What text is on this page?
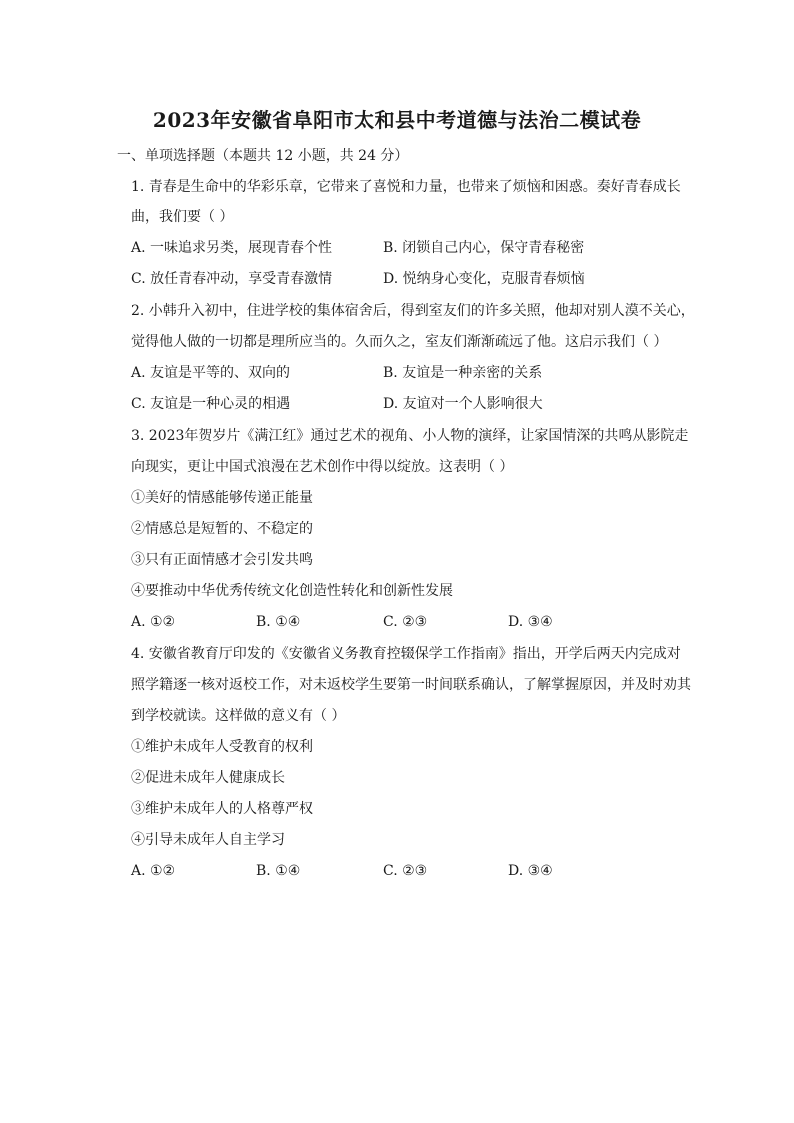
2023年安徽省阜阳市太和县中考道德与法治二模试卷
一、单项选择题（本题共 12 小题，共 24 分）
1. 青春是生命中的华彩乐章，它带来了喜悦和力量，也带来了烦恼和困惑。奏好青春成长
曲，我们要（ ）
A. 一味追求另类，展现青春个性	B. 闭锁自己内心，保守青春秘密
C. 放任青春冲动，享受青春激情	D. 悦纳身心变化，克服青春烦恼
2. 小韩升入初中，住进学校的集体宿舍后，得到室友们的许多关照，他却对别人漠不关心，
觉得他人做的一切都是理所应当的。久而久之，室友们渐渐疏远了他。这启示我们（ ）
A. 友谊是平等的、双向的	B. 友谊是一种亲密的关系
C. 友谊是一种心灵的相遇	D. 友谊对一个人影响很大
3. 2023年贺岁片《满江红》通过艺术的视角、小人物的演绎，让家国情深的共鸣从影院走
向现实，更让中国式浪漫在艺术创作中得以绽放。这表明（ ）
①美好的情感能够传递正能量
②情感总是短暂的、不稳定的
③只有正面情感才会引发共鸣
④要推动中华优秀传统文化创造性转化和创新性发展
A. ①②	B. ①④	C. ②③	D. ③④
4. 安徽省教育厅印发的《安徽省义务教育控辍保学工作指南》指出，开学后两天内完成对
照学籍逐一核对返校工作，对未返校学生要第一时间联系确认，了解掌握原因，并及时劝其
到学校就读。这样做的意义有（ ）
①维护未成年人受教育的权利
②促进未成年人健康成长
③维护未成年人的人格尊严权
④引导未成年人自主学习
A. ①②	B. ①④	C. ②③	D. ③④
